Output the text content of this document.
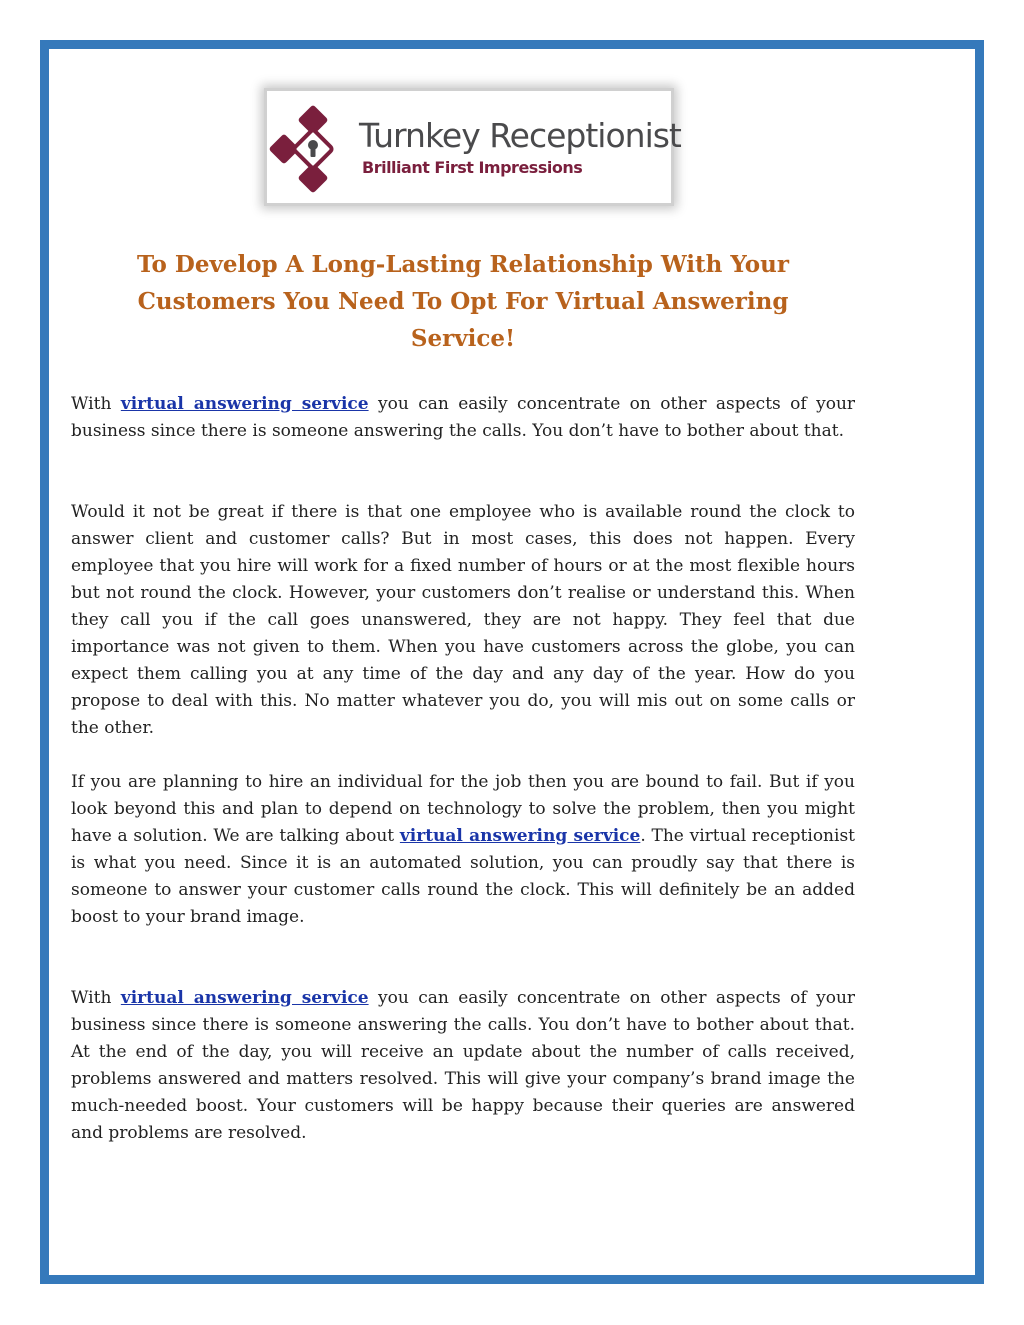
Turnkey Receptionist
Brilliant First Impressions
To Develop A Long-Lasting Relationship With Your Customers You Need To Opt For Virtual Answering Service!

With virtual answering service you can easily concentrate on other aspects of your business since there is someone answering the calls. You don’t have to bother about that.

Would it not be great if there is that one employee who is available round the clock to answer client and customer calls? But in most cases, this does not happen. Every employee that you hire will work for a fixed number of hours or at the most flexible hours but not round the clock. However, your customers don’t realise or understand this. When they call you if the call goes unanswered, they are not happy. They feel that due importance was not given to them. When you have customers across the globe, you can expect them calling you at any time of the day and any day of the year. How do you propose to deal with this. No matter whatever you do, you will mis out on some calls or the other.

If you are planning to hire an individual for the job then you are bound to fail. But if you look beyond this and plan to depend on technology to solve the problem, then you might have a solution. We are talking about virtual answering service. The virtual receptionist is what you need. Since it is an automated solution, you can proudly say that there is someone to answer your customer calls round the clock. This will definitely be an added boost to your brand image.

With virtual answering service you can easily concentrate on other aspects of your business since there is someone answering the calls. You don’t have to bother about that. At the end of the day, you will receive an update about the number of calls received, problems answered and matters resolved. This will give your company’s brand image the much-needed boost. Your customers will be happy because their queries are answered and problems are resolved.
